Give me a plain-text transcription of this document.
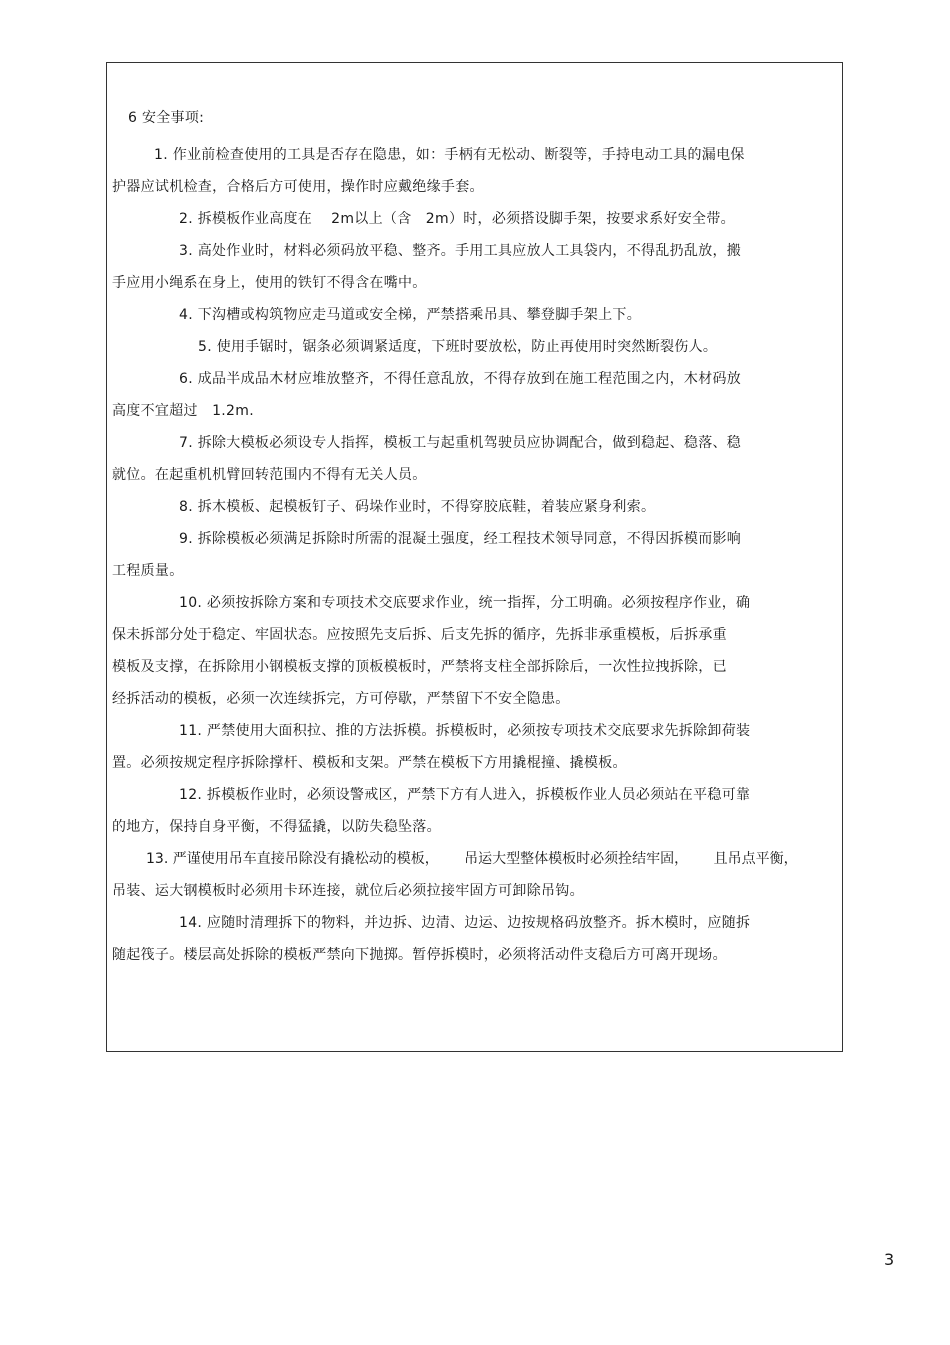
6 安全事项:
1. 作业前检查使用的工具是否存在隐患，如：手柄有无松动、断裂等，手持电动工具的漏电保
护器应试机检查，合格后方可使用，操作时应戴绝缘手套。
2. 拆模板作业高度在　 2m以上（含　2m）时，必须搭设脚手架，按要求系好安全带。
3. 高处作业时，材料必须码放平稳、整齐。手用工具应放人工具袋内，不得乱扔乱放，搬
手应用小绳系在身上，使用的铁钉不得含在嘴中。
4. 下沟槽或构筑物应走马道或安全梯，严禁搭乘吊具、攀登脚手架上下。
5. 使用手锯时，锯条必须调紧适度，下班时要放松，防止再使用时突然断裂伤人。
6. 成品半成品木材应堆放整齐，不得任意乱放，不得存放到在施工程范围之内，木材码放
高度不宜超过　1.2m.
7. 拆除大模板必须设专人指挥，模板工与起重机驾驶员应协调配合，做到稳起、稳落、稳
就位。在起重机机臂回转范围内不得有无关人员。
8. 拆木模板、起模板钉子、码垛作业时，不得穿胶底鞋，着装应紧身利索。
9. 拆除模板必须满足拆除时所需的混凝土强度，经工程技术领导同意，不得因拆模而影响
工程质量。
10. 必须按拆除方案和专项技术交底要求作业，统一指挥，分工明确。必须按程序作业，确
保未拆部分处于稳定、牢固状态。应按照先支后拆、后支先拆的循序，先拆非承重模板，后拆承重
模板及支撑，在拆除用小钢模板支撑的顶板模板时，严禁将支柱全部拆除后，一次性拉拽拆除，已
经拆活动的模板，必须一次连续拆完，方可停歇，严禁留下不安全隐患。
11. 严禁使用大面积拉、推的方法拆模。拆模板时，必须按专项技术交底要求先拆除卸荷装
置。必须按规定程序拆除撑杆、模板和支架。严禁在模板下方用撬棍撞、撬模板。
12. 拆模板作业时，必须设警戒区，严禁下方有人进入，拆模板作业人员必须站在平稳可靠
的地方，保持自身平衡，不得猛撬，以防失稳坠落。
13. 严谨使用吊车直接吊除没有撬松动的模板，　　 吊运大型整体模板时必须拴结牢固，　　 且吊点平衡，
吊装、运大钢模板时必须用卡环连接，就位后必须拉接牢固方可卸除吊钩。
14. 应随时清理拆下的物料，并边拆、边清、边运、边按规格码放整齐。拆木模时，应随拆
随起筏子。楼层高处拆除的模板严禁向下抛掷。暂停拆模时，必须将活动件支稳后方可离开现场。
3
